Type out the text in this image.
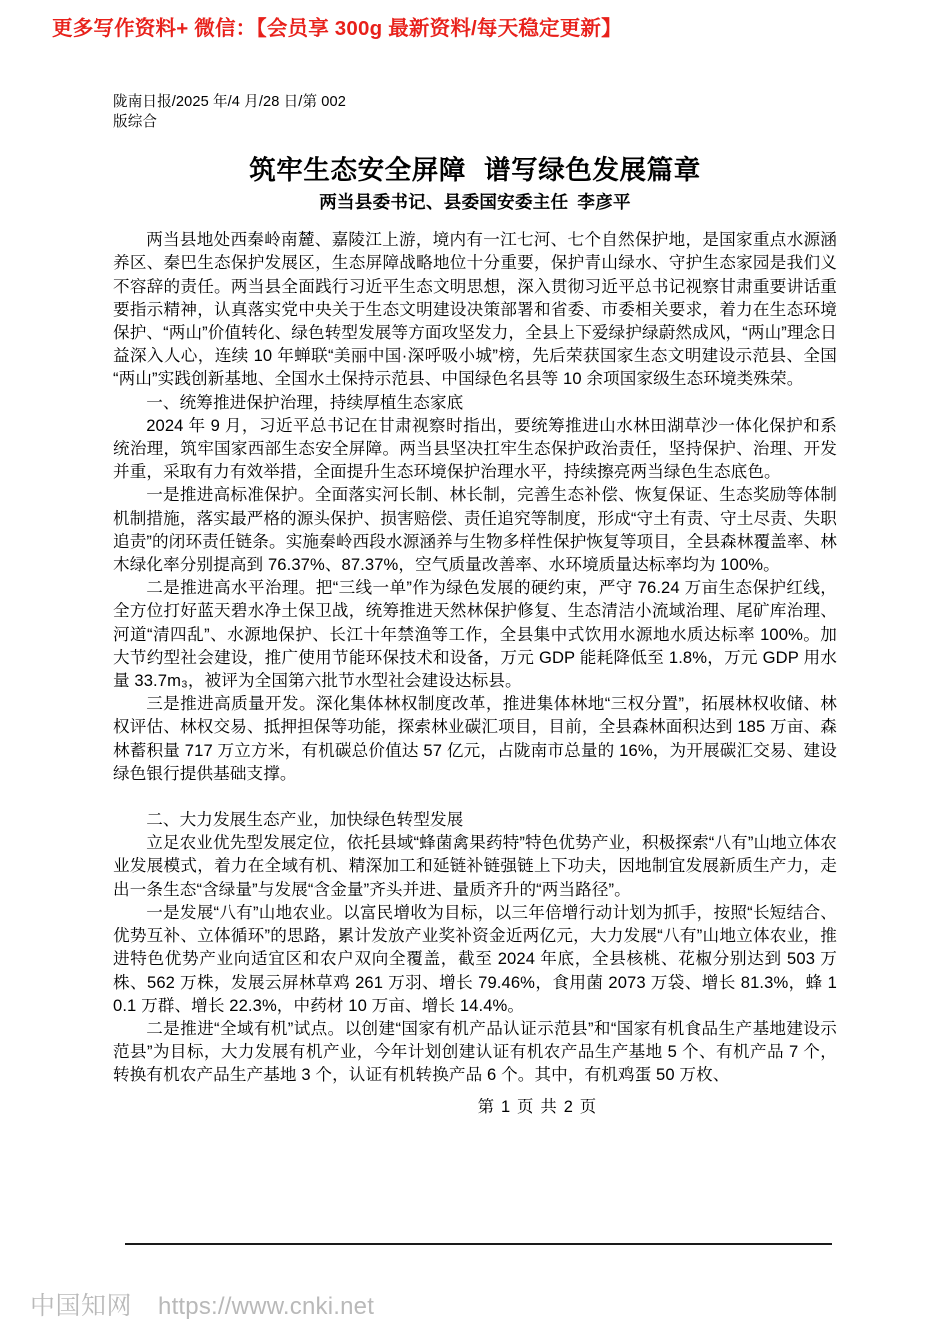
更多写作资料+ 微信：【会员享 300g 最新资料/每天稳定更新】
陇南日报/2025 年/4 月/28 日/第 002
版综合
筑牢生态安全屏障 谱写绿色发展篇章
两当县委书记、县委国安委主任 李彦平

两当县地处西秦岭南麓、嘉陵江上游，境内有一江七河、七个自然保护地，是国家重点水源涵养区、秦巴生态保护发展区，生态屏障战略地位十分重要，保护青山绿水、守护生态家园是我们义不容辞的责任。两当县全面践行习近平生态文明思想，深入贯彻习近平总书记视察甘肃重要讲话重要指示精神，认真落实党中央关于生态文明建设决策部署和省委、市委相关要求，着力在生态环境保护、“两山”价值转化、绿色转型发展等方面攻坚发力，全县上下爱绿护绿蔚然成风，“两山”理念日益深入人心，连续 10 年蝉联“美丽中国·深呼吸小城”榜，先后荣获国家生态文明建设示范县、全国“两山”实践创新基地、全国水土保持示范县、中国绿色名县等 10 余项国家级生态环境类殊荣。

一、统筹推进保护治理，持续厚植生态家底

2024 年 9 月，习近平总书记在甘肃视察时指出，要统筹推进山水林田湖草沙一体化保护和系统治理，筑牢国家西部生态安全屏障。两当县坚决扛牢生态保护政治责任，坚持保护、治理、开发并重，采取有力有效举措，全面提升生态环境保护治理水平，持续擦亮两当绿色生态底色。

一是推进高标准保护。全面落实河长制、林长制，完善生态补偿、恢复保证、生态奖励等体制机制措施，落实最严格的源头保护、损害赔偿、责任追究等制度，形成“守土有责、守土尽责、失职追责”的闭环责任链条。实施秦岭西段水源涵养与生物多样性保护恢复等项目，全县森林覆盖率、林木绿化率分别提高到 76.37%、87.37%，空气质量改善率、水环境质量达标率均为 100%。

二是推进高水平治理。把“三线一单”作为绿色发展的硬约束，严守 76.24 万亩生态保护红线，全方位打好蓝天碧水净土保卫战，统筹推进天然林保护修复、生态清洁小流域治理、尾矿库治理、河道“清四乱”、水源地保护、长江十年禁渔等工作，全县集中式饮用水源地水质达标率 100%。加大节约型社会建设，推广使用节能环保技术和设备，万元 GDP 能耗降低至 1.8%，万元 GDP 用水量 33.7m₃，被评为全国第六批节水型社会建设达标县。

三是推进高质量开发。深化集体林权制度改革，推进集体林地“三权分置”，拓展林权收储、林权评估、林权交易、抵押担保等功能，探索林业碳汇项目，目前，全县森林面积达到 185 万亩、森林蓄积量 717 万立方米，有机碳总价值达 57 亿元，占陇南市总量的 16%，为开展碳汇交易、建设绿色银行提供基础支撑。

二、大力发展生态产业，加快绿色转型发展

立足农业优先型发展定位，依托县域“蜂菌禽果药特”特色优势产业，积极探索“八有”山地立体农业发展模式，着力在全域有机、精深加工和延链补链强链上下功夫，因地制宜发展新质生产力，走出一条生态“含绿量”与发展“含金量”齐头并进、量质齐升的“两当路径”。

一是发展“八有”山地农业。以富民增收为目标，以三年倍增行动计划为抓手，按照“长短结合、优势互补、立体循环”的思路，累计发放产业奖补资金近两亿元，大力发展“八有”山地立体农业，推进特色优势产业向适宜区和农户双向全覆盖，截至 2024 年底，全县核桃、花椒分别达到 503 万株、562 万株，发展云屏林草鸡 261 万羽、增长 79.46%，食用菌 2073 万袋、增长 81.3%，蜂 10.1 万群、增长 22.3%，中药材 10 万亩、增长 14.4%。

二是推进“全域有机”试点。以创建“国家有机产品认证示范县”和“国家有机食品生产基地建设示范县”为目标，大力发展有机产业，今年计划创建认证有机农产品生产基地 5 个、有机产品 7 个，转换有机农产品生产基地 3 个，认证有机转换产品 6 个。其中，有机鸡蛋 50 万枚、

第 1 页 共 2 页
中国知网 https://www.cnki.net
